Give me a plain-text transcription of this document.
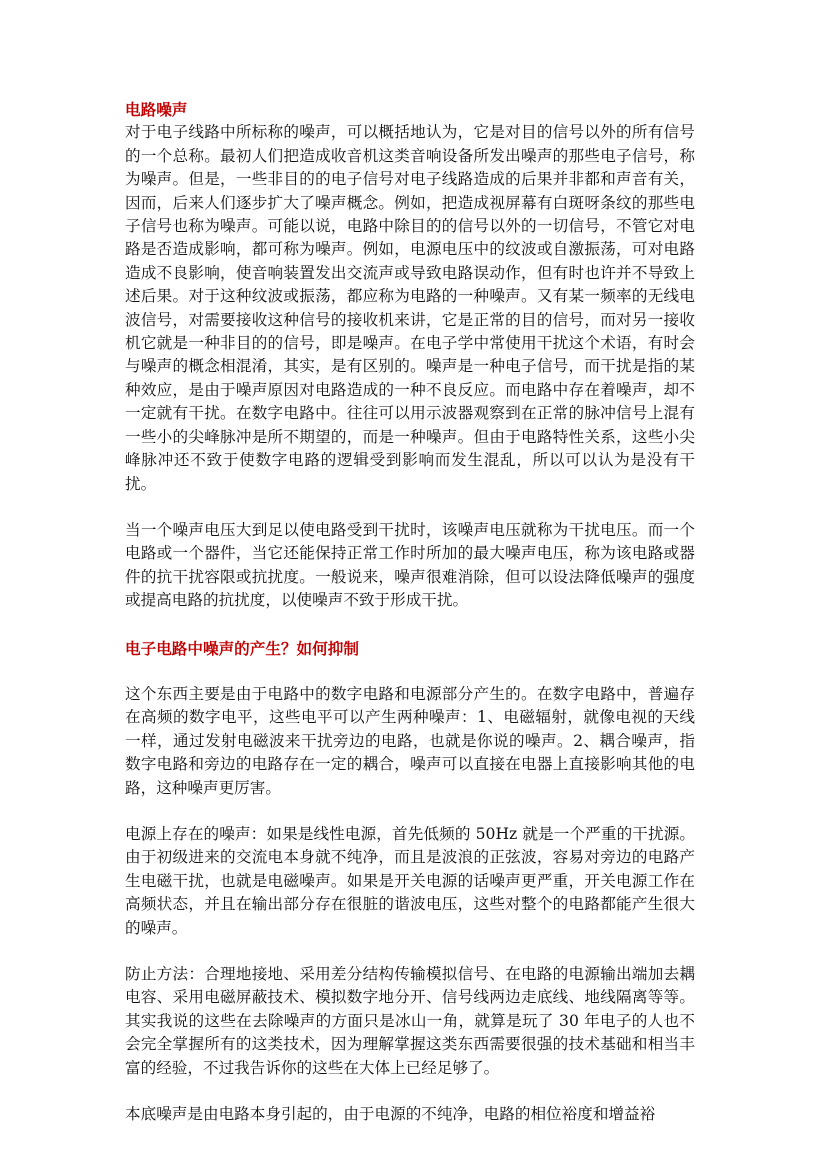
电路噪声

对于电子线路中所标称的噪声，可以概括地认为，它是对目的信号以外的所有信号的一个总称。最初人们把造成收音机这类音响设备所发出噪声的那些电子信号，称为噪声。但是，一些非目的的电子信号对电子线路造成的后果并非都和声音有关，因而，后来人们逐步扩大了噪声概念。例如，把造成视屏幕有白斑呀条纹的那些电子信号也称为噪声。可能以说，电路中除目的的信号以外的一切信号，不管它对电路是否造成影响，都可称为噪声。例如，电源电压中的纹波或自激振荡，可对电路造成不良影响，使音响装置发出交流声或导致电路误动作，但有时也许并不导致上述后果。对于这种纹波或振荡，都应称为电路的一种噪声。又有某一频率的无线电波信号，对需要接收这种信号的接收机来讲，它是正常的目的信号，而对另一接收机它就是一种非目的的信号，即是噪声。在电子学中常使用干扰这个术语，有时会与噪声的概念相混淆，其实，是有区别的。噪声是一种电子信号，而干扰是指的某种效应，是由于噪声原因对电路造成的一种不良反应。而电路中存在着噪声，却不一定就有干扰。在数字电路中。往往可以用示波器观察到在正常的脉冲信号上混有一些小的尖峰脉冲是所不期望的，而是一种噪声。但由于电路特性关系，这些小尖峰脉冲还不致于使数字电路的逻辑受到影响而发生混乱，所以可以认为是没有干扰。

当一个噪声电压大到足以使电路受到干扰时，该噪声电压就称为干扰电压。而一个电路或一个器件，当它还能保持正常工作时所加的最大噪声电压，称为该电路或器件的抗干扰容限或抗扰度。一般说来，噪声很难消除，但可以设法降低噪声的强度或提高电路的抗扰度，以使噪声不致于形成干扰。

电子电路中噪声的产生？如何抑制

这个东西主要是由于电路中的数字电路和电源部分产生的。在数字电路中，普遍存在高频的数字电平，这些电平可以产生两种噪声：1、电磁辐射，就像电视的天线一样，通过发射电磁波来干扰旁边的电路，也就是你说的噪声。2、耦合噪声，指数字电路和旁边的电路存在一定的耦合，噪声可以直接在电器上直接影响其他的电路，这种噪声更厉害。

电源上存在的噪声：如果是线性电源，首先低频的 50Hz 就是一个严重的干扰源。由于初级进来的交流电本身就不纯净，而且是波浪的正弦波，容易对旁边的电路产生电磁干扰，也就是电磁噪声。如果是开关电源的话噪声更严重，开关电源工作在高频状态，并且在输出部分存在很脏的谐波电压，这些对整个的电路都能产生很大的噪声。

防止方法：合理地接地、采用差分结构传输模拟信号、在电路的电源输出端加去耦电容、采用电磁屏蔽技术、模拟数字地分开、信号线两边走底线、地线隔离等等。其实我说的这些在去除噪声的方面只是冰山一角，就算是玩了 30 年电子的人也不会完全掌握所有的这类技术，因为理解掌握这类东西需要很强的技术基础和相当丰富的经验，不过我告诉你的这些在大体上已经足够了。

本底噪声是由电路本身引起的，由于电源的不纯净，电路的相位裕度和增益裕
